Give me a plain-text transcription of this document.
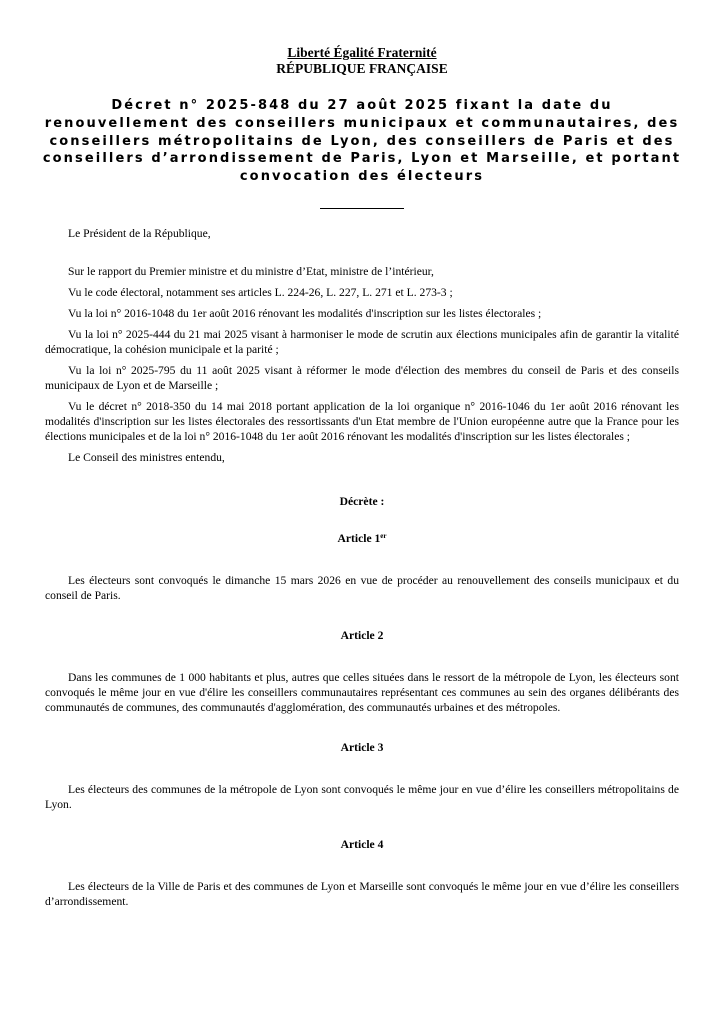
Liberté Égalité Fraternité
RÉPUBLIQUE FRANÇAISE
Décret n° 2025-848 du 27 août 2025 fixant la date du renouvellement des conseillers municipaux et communautaires, des conseillers métropolitains de Lyon, des conseillers de Paris et des conseillers d’arrondissement de Paris, Lyon et Marseille, et portant convocation des électeurs

Le Président de la République,

Sur le rapport du Premier ministre et du ministre d’Etat, ministre de l’intérieur,

Vu le code électoral, notamment ses articles L. 224-26, L. 227, L. 271 et L. 273-3 ;

Vu la loi n° 2016-1048 du 1er août 2016 rénovant les modalités d'inscription sur les listes électorales ;

Vu la loi n° 2025-444 du 21 mai 2025 visant à harmoniser le mode de scrutin aux élections municipales afin de garantir la vitalité démocratique, la cohésion municipale et la parité ;

Vu la loi n° 2025-795 du 11 août 2025 visant à réformer le mode d'élection des membres du conseil de Paris et des conseils municipaux de Lyon et de Marseille ;

Vu le décret n° 2018-350 du 14 mai 2018 portant application de la loi organique n° 2016-1046 du 1er août 2016 rénovant les modalités d'inscription sur les listes électorales des ressortissants d'un Etat membre de l'Union européenne autre que la France pour les élections municipales et de la loi n° 2016-1048 du 1er août 2016 rénovant les modalités d'inscription sur les listes électorales ;

Le Conseil des ministres entendu,

Décrète :

Article 1er

Les électeurs sont convoqués le dimanche 15 mars 2026 en vue de procéder au renouvellement des conseils municipaux et du conseil de Paris.

Article 2

Dans les communes de 1 000 habitants et plus, autres que celles situées dans le ressort de la métropole de Lyon, les électeurs sont convoqués le même jour en vue d'élire les conseillers communautaires représentant ces communes au sein des organes délibérants des communautés de communes, des communautés d'agglomération, des communautés urbaines et des métropoles.

Article 3

Les électeurs des communes de la métropole de Lyon sont convoqués le même jour en vue d’élire les conseillers métropolitains de Lyon.

Article 4

Les électeurs de la Ville de Paris et des communes de Lyon et Marseille sont convoqués le même jour en vue d’élire les conseillers d’arrondissement.
